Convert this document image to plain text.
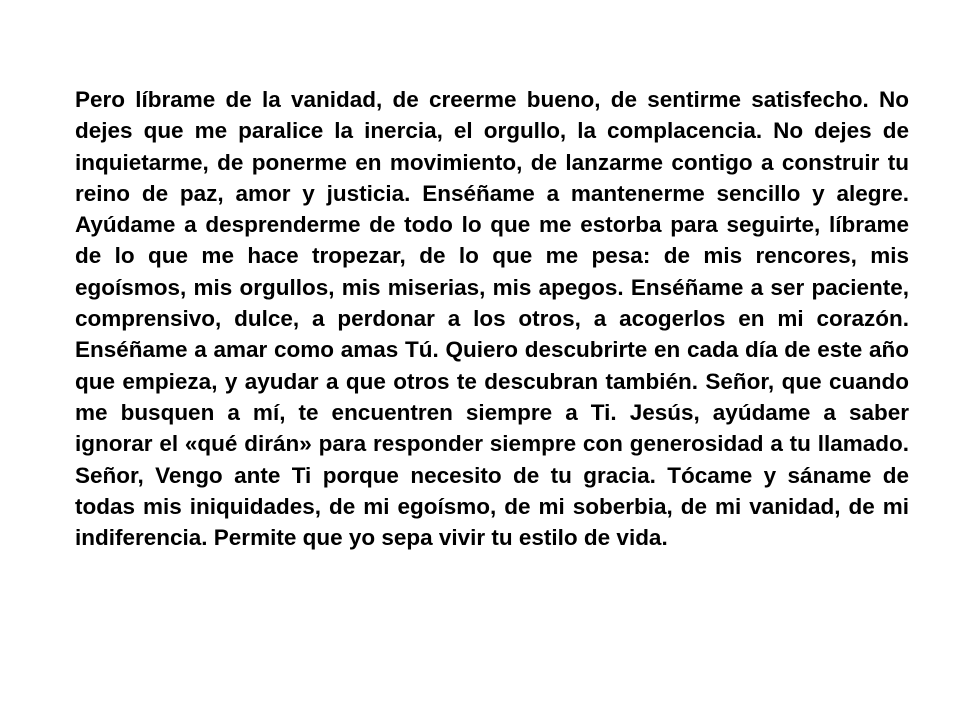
Pero líbrame de la vanidad, de creerme bueno, de sentirme satisfecho. No dejes que me paralice la inercia, el orgullo, la complacencia. No dejes de inquietarme, de ponerme en movimiento, de lanzarme contigo a construir tu reino de paz, amor y justicia. Enséñame a mantenerme sencillo y alegre. Ayúdame a desprenderme de todo lo que me estorba para seguirte, líbrame de lo que me hace tropezar, de lo que me pesa: de mis rencores, mis egoísmos, mis orgullos, mis miserias, mis apegos. Enséñame a ser paciente, comprensivo, dulce, a perdonar a los otros, a acogerlos en mi corazón. Enséñame a amar como amas Tú. Quiero descubrirte en cada día de este año que empieza, y ayudar a que otros te descubran también. Señor, que cuando me busquen a mí, te encuentren siempre a Ti. Jesús, ayúdame a saber ignorar el «qué dirán» para responder siempre con generosidad a tu llamado. Señor, Vengo ante Ti porque necesito de tu gracia. Tócame y sáname de todas mis iniquidades, de mi egoísmo, de mi soberbia, de mi vanidad, de mi indiferencia. Permite que yo sepa vivir tu estilo de vida.
